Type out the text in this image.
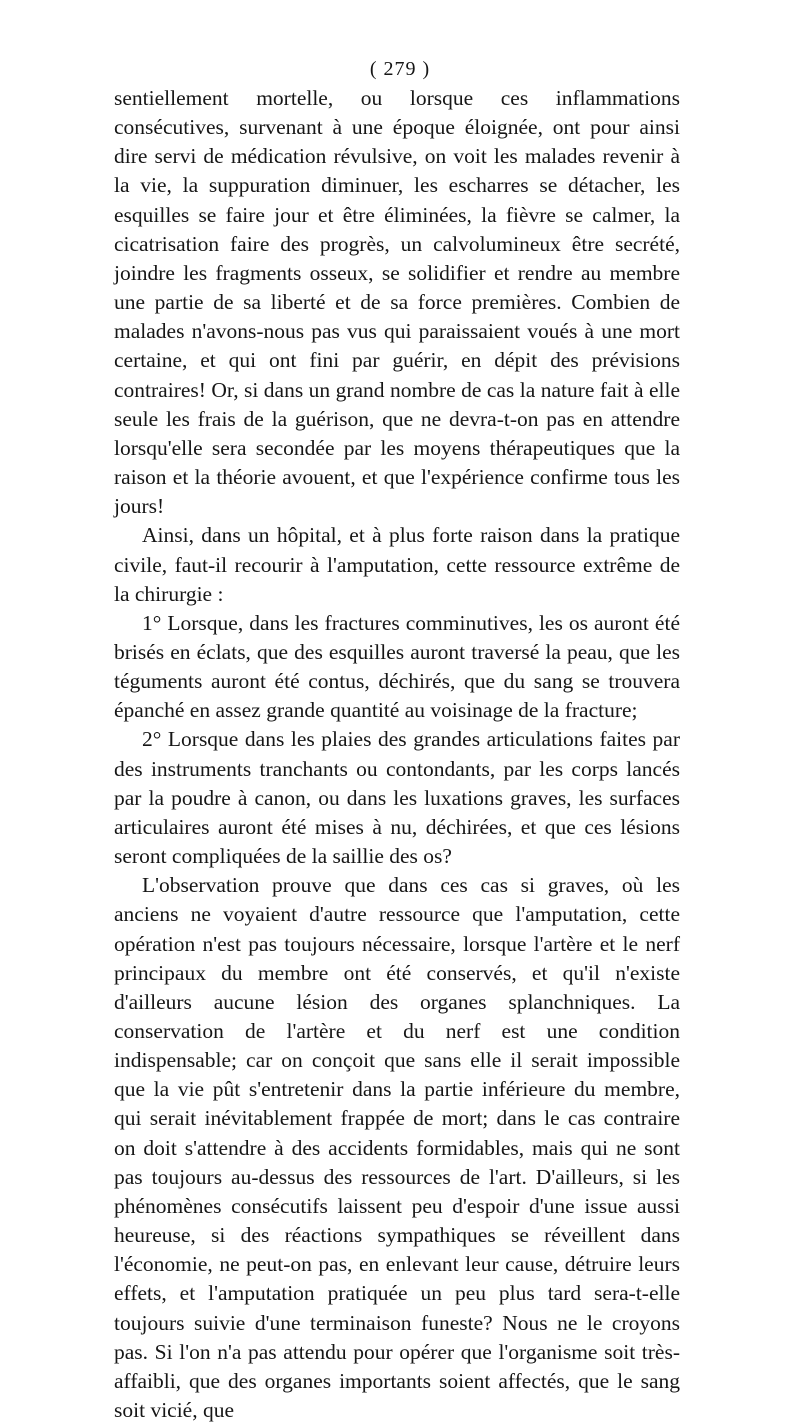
( 279 )

sentiellement mortelle, ou lorsque ces inflammations consécutives, survenant à une époque éloignée, ont pour ainsi dire servi de médication révulsive, on voit les malades revenir à la vie, la suppuration diminuer, les escharres se détacher, les esquilles se faire jour et être éliminées, la fièvre se calmer, la cicatrisation faire des progrès, un calvolumineux être secrété, joindre les fragments osseux, se solidifier et rendre au membre une partie de sa liberté et de sa force premières. Combien de malades n'avons-nous pas vus qui paraissaient voués à une mort certaine, et qui ont fini par guérir, en dépit des prévisions contraires! Or, si dans un grand nombre de cas la nature fait à elle seule les frais de la guérison, que ne devra-t-on pas en attendre lorsqu'elle sera secondée par les moyens thérapeutiques que la raison et la théorie avouent, et que l'expérience confirme tous les jours!

Ainsi, dans un hôpital, et à plus forte raison dans la pratique civile, faut-il recourir à l'amputation, cette ressource extrême de la chirurgie :

1° Lorsque, dans les fractures comminutives, les os auront été brisés en éclats, que des esquilles auront traversé la peau, que les téguments auront été contus, déchirés, que du sang se trouvera épanché en assez grande quantité au voisinage de la fracture;

2° Lorsque dans les plaies des grandes articulations faites par des instruments tranchants ou contondants, par les corps lancés par la poudre à canon, ou dans les luxations graves, les surfaces articulaires auront été mises à nu, déchirées, et que ces lésions seront compliquées de la saillie des os?

L'observation prouve que dans ces cas si graves, où les anciens ne voyaient d'autre ressource que l'amputation, cette opération n'est pas toujours nécessaire, lorsque l'artère et le nerf principaux du membre ont été conservés, et qu'il n'existe d'ailleurs aucune lésion des organes splanchniques. La conservation de l'artère et du nerf est une condition indispensable; car on conçoit que sans elle il serait impossible que la vie pût s'entretenir dans la partie inférieure du membre, qui serait inévitablement frappée de mort; dans le cas contraire on doit s'attendre à des accidents formidables, mais qui ne sont pas toujours au-dessus des ressources de l'art. D'ailleurs, si les phénomènes consécutifs laissent peu d'espoir d'une issue aussi heureuse, si des réactions sympathiques se réveillent dans l'économie, ne peut-on pas, en enlevant leur cause, détruire leurs effets, et l'amputation pratiquée un peu plus tard sera-t-elle toujours suivie d'une terminaison funeste? Nous ne le croyons pas. Si l'on n'a pas attendu pour opérer que l'organisme soit très-affaibli, que des organes importants soient affectés, que le sang soit vicié, que
